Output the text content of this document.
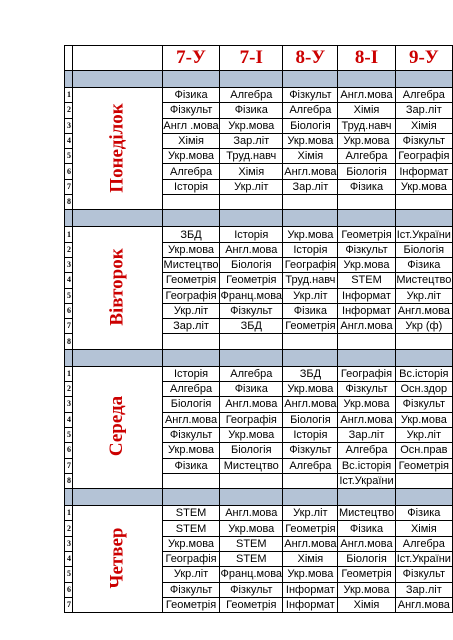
		7-У	7-І	8-У	8-І	9-У

1	Понеділок	Фізика	Алгебра	Фізкульт	Англ.мова	Алгебра
2		Фізкульт	Фізика	Алгебра	Хімія	Зар.літ
3		Англ .мова	Укр.мова	Біологія	Труд.навч	Хімія
4		Хімія	Зар.літ	Укр.мова	Укр.мова	Фізкульт
5		Укр.мова	Труд.навч	Хімія	Алгебра	Географія
6		Алгебра	Хімія	Англ.мова	Біологія	Інформат
7		Історія	Укр.літ	Зар.літ	Фізика	Укр.мова
8						

1	Вівторок	ЗБД	Історія	Укр.мова	Геометрія	Іст.України
2		Укр.мова	Англ.мова	Історія	Фізкульт	Біологія
3		Мистецтво	Біологія	Географія	Укр.мова	Фізика
4		Геометрія	Геометрія	Труд.навч	STEM	Мистецтво
5		Географія	Франц.мова	Укр.літ	Інформат	Укр.літ
6		Укр.літ	Фізкульт	Фізика	Інформат	Англ.мова
7		Зар.літ	ЗБД	Геометрія	Англ.мова	Укр (ф)
8						

1	Середа	Історія	Алгебра	ЗБД	Географія	Вс.історія
2		Алгебра	Фізика	Укр.мова	Фізкульт	Осн.здор
3		Біологія	Англ.мова	Англ.мова	Укр.мова	Фізкульт
4		Англ.мова	Географія	Біологія	Англ.мова	Укр.мова
5		Фізкульт	Укр.мова	Історія	Зар.літ	Укр.літ
6		Укр.мова	Біологія	Фізкульт	Алгебра	Осн.прав
7		Фізика	Мистецтво	Алгебра	Вс.історія	Геометрія
8					Іст.України	

1	Четвер	STEM	Англ.мова	Укр.літ	Мистецтво	Фізика
2		STEM	Укр.мова	Геометрія	Фізика	Хімія
3		Укр.мова	STEM	Англ.мова	Англ.мова	Алгебра
4		Географія	STEM	Хімія	Біологія	Іст.України
5		Укр.літ	Франц.мова	Укр.мова	Геометрія	Фізкульт
6		Фізкульт	Фізкульт	Інформат	Укр.мова	Зар.літ
7		Геометрія	Геометрія	Інформат	Хімія	Англ.мова
